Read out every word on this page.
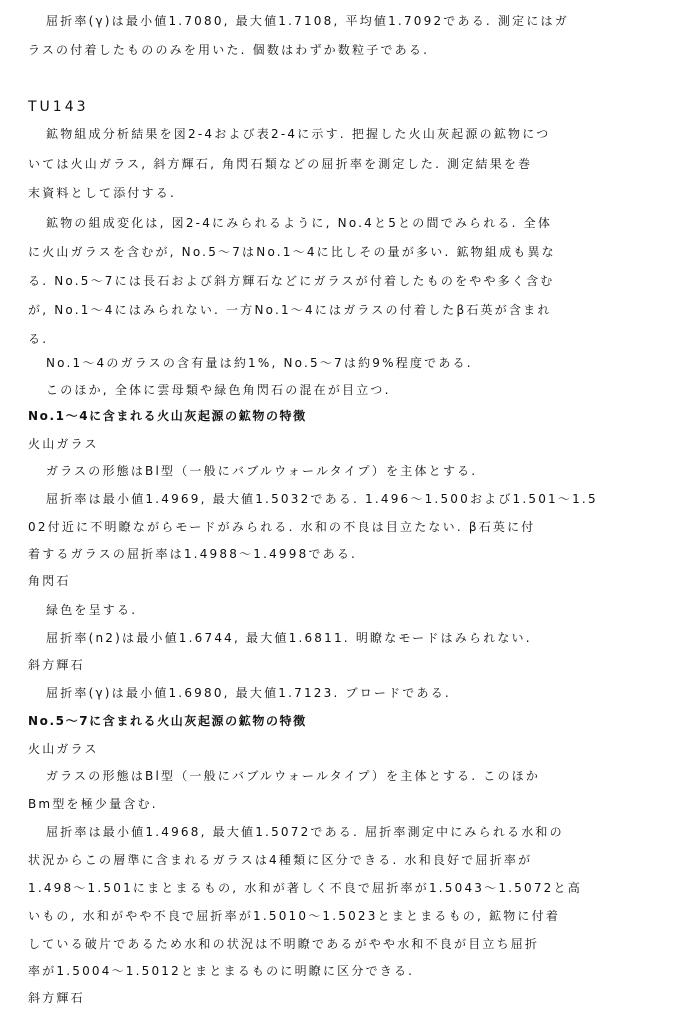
屈折率(γ)は最小値1.7080, 最大値1.7108, 平均値1.7092である. 測定にはガ
ラスの付着したもののみを用いた. 個数はわずか数粒子である.
TU143
鉱物組成分析結果を図2-4および表2-4に示す. 把握した火山灰起源の鉱物につ
いては火山ガラス, 斜方輝石, 角閃石類などの屈折率を測定した. 測定結果を巻
末資料として添付する.
鉱物の組成変化は, 図2-4にみられるように, No.4と5との間でみられる. 全体
に火山ガラスを含むが, No.5〜7はNo.1〜4に比しその量が多い. 鉱物組成も異な
る. No.5〜7には長石および斜方輝石などにガラスが付着したものをやや多く含む
が, No.1〜4にはみられない. 一方No.1〜4にはガラスの付着したβ石英が含まれ
る.
No.1〜4のガラスの含有量は約1%, No.5〜7は約9%程度である.
このほか, 全体に雲母類や緑色角閃石の混在が目立つ.
No.1〜4に含まれる火山灰起源の鉱物の特徴
火山ガラス
ガラスの形態はBl型（一般にバブルウォールタイプ）を主体とする.
屈折率は最小値1.4969, 最大値1.5032である. 1.496〜1.500および1.501〜1.5
02付近に不明瞭ながらモードがみられる. 水和の不良は目立たない. β石英に付
着するガラスの屈折率は1.4988〜1.4998である.
角閃石
緑色を呈する.
屈折率(n2)は最小値1.6744, 最大値1.6811. 明瞭なモードはみられない.
斜方輝石
屈折率(γ)は最小値1.6980, 最大値1.7123. ブロードである.
No.5〜7に含まれる火山灰起源の鉱物の特徴
火山ガラス
ガラスの形態はBl型（一般にバブルウォールタイプ）を主体とする. このほか
Bm型を極少量含む.
屈折率は最小値1.4968, 最大値1.5072である. 屈折率測定中にみられる水和の
状況からこの層準に含まれるガラスは4種類に区分できる. 水和良好で屈折率が
1.498〜1.501にまとまるもの, 水和が著しく不良で屈折率が1.5043〜1.5072と高
いもの, 水和がやや不良で屈折率が1.5010〜1.5023とまとまるもの, 鉱物に付着
している破片であるため水和の状況は不明瞭であるがやや水和不良が目立ち屈折
率が1.5004〜1.5012とまとまるものに明瞭に区分できる.
斜方輝石
